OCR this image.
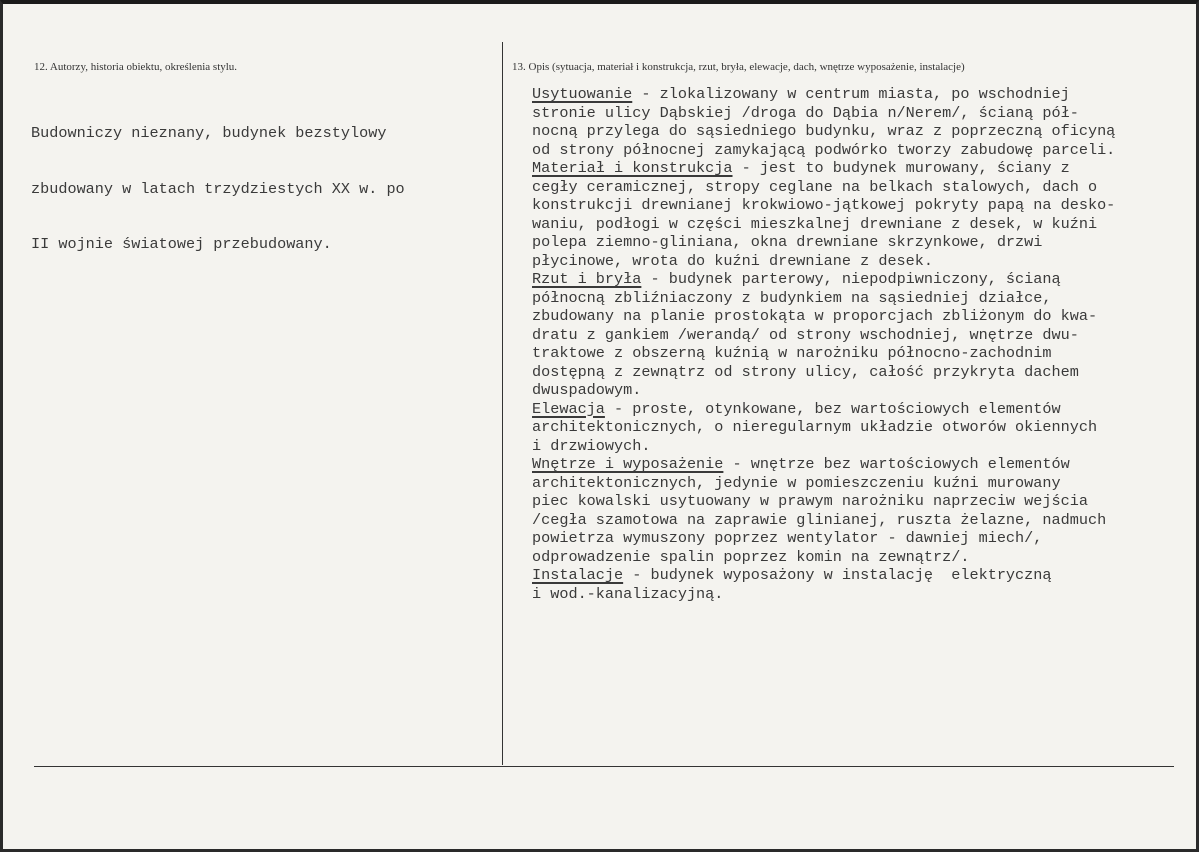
12. Autorzy, historia obiektu, określenia stylu.	13. Opis (sytuacja, materiał i konstrukcja, rzut, bryła, elewacje, dach, wnętrze wyposażenie, instalacje)

Budowniczy nieznany, budynek bezstylowy

zbudowany w latach trzydziestych XX w. po

II wojnie światowej przebudowany.

Usytuowanie - zlokalizowany w centrum miasta, po wschodniej
stronie ulicy Dąbskiej /droga do Dąbia n/Nerem/, ścianą pół-
nocną przylega do sąsiedniego budynku, wraz z poprzeczną oficyną
od strony północnej zamykającą podwórko tworzy zabudowę parceli.
Materiał i konstrukcja - jest to budynek murowany, ściany z
cegły ceramicznej, stropy ceglane na belkach stalowych, dach o
konstrukcji drewnianej krokwiowo-jątkowej pokryty papą na desko-
waniu, podłogi w części mieszkalnej drewniane z desek, w kuźni
polepa ziemno-gliniana, okna drewniane skrzynkowe, drzwi
płycinowe, wrota do kuźni drewniane z desek.
Rzut i bryła - budynek parterowy, niepodpiwniczony, ścianą
północną zbliźniaczony z budynkiem na sąsiedniej działce,
zbudowany na planie prostokąta w proporcjach zbliżonym do kwa-
dratu z gankiem /werandą/ od strony wschodniej, wnętrze dwu-
traktowe z obszerną kuźnią w narożniku północno-zachodnim
dostępną z zewnątrz od strony ulicy, całość przykryta dachem
dwuspadowym.
Elewacja - proste, otynkowane, bez wartościowych elementów
architektonicznych, o nieregularnym układzie otworów okiennych
i drzwiowych.
Wnętrze i wyposażenie - wnętrze bez wartościowych elementów
architektonicznych, jedynie w pomieszczeniu kuźni murowany
piec kowalski usytuowany w prawym narożniku naprzeciw wejścia
/cegła szamotowa na zaprawie glinianej, ruszta żelazne, nadmuch
powietrza wymuszony poprzez wentylator - dawniej miech/,
odprowadzenie spalin poprzez komin na zewnątrz/.
Instalacje - budynek wyposażony w instalację  elektryczną
i wod.-kanalizacyjną.
